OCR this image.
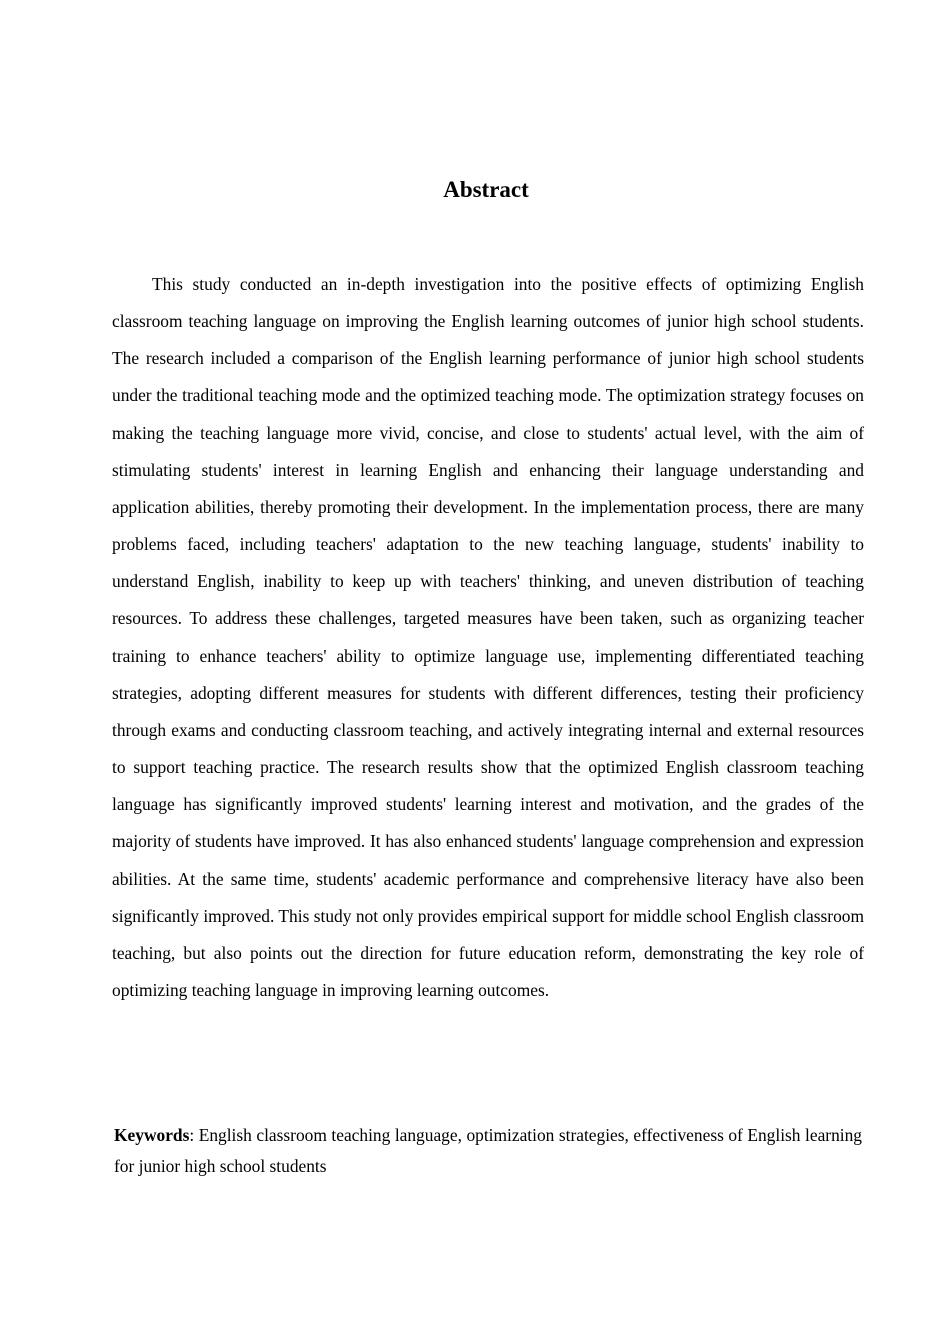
Abstract

This study conducted an in-depth investigation into the positive effects of optimizing English classroom teaching language on improving the English learning outcomes of junior high school students. The research included a comparison of the English learning performance of junior high school students under the traditional teaching mode and the optimized teaching mode. The optimization strategy focuses on making the teaching language more vivid, concise, and close to students' actual level, with the aim of stimulating students' interest in learning English and enhancing their language understanding and application abilities, thereby promoting their development. In the implementation process, there are many problems faced, including teachers' adaptation to the new teaching language, students' inability to understand English, inability to keep up with teachers' thinking, and uneven distribution of teaching resources. To address these challenges, targeted measures have been taken, such as organizing teacher training to enhance teachers' ability to optimize language use, implementing differentiated teaching strategies, adopting different measures for students with different differences, testing their proficiency through exams and conducting classroom teaching, and actively integrating internal and external resources to support teaching practice. The research results show that the optimized English classroom teaching language has significantly improved students' learning interest and motivation, and the grades of the majority of students have improved. It has also enhanced students' language comprehension and expression abilities. At the same time, students' academic performance and comprehensive literacy have also been significantly improved. This study not only provides empirical support for middle school English classroom teaching, but also points out the direction for future education reform, demonstrating the key role of optimizing teaching language in improving learning outcomes.

Keywords: English classroom teaching language, optimization strategies, effectiveness of English learning for junior high school students
